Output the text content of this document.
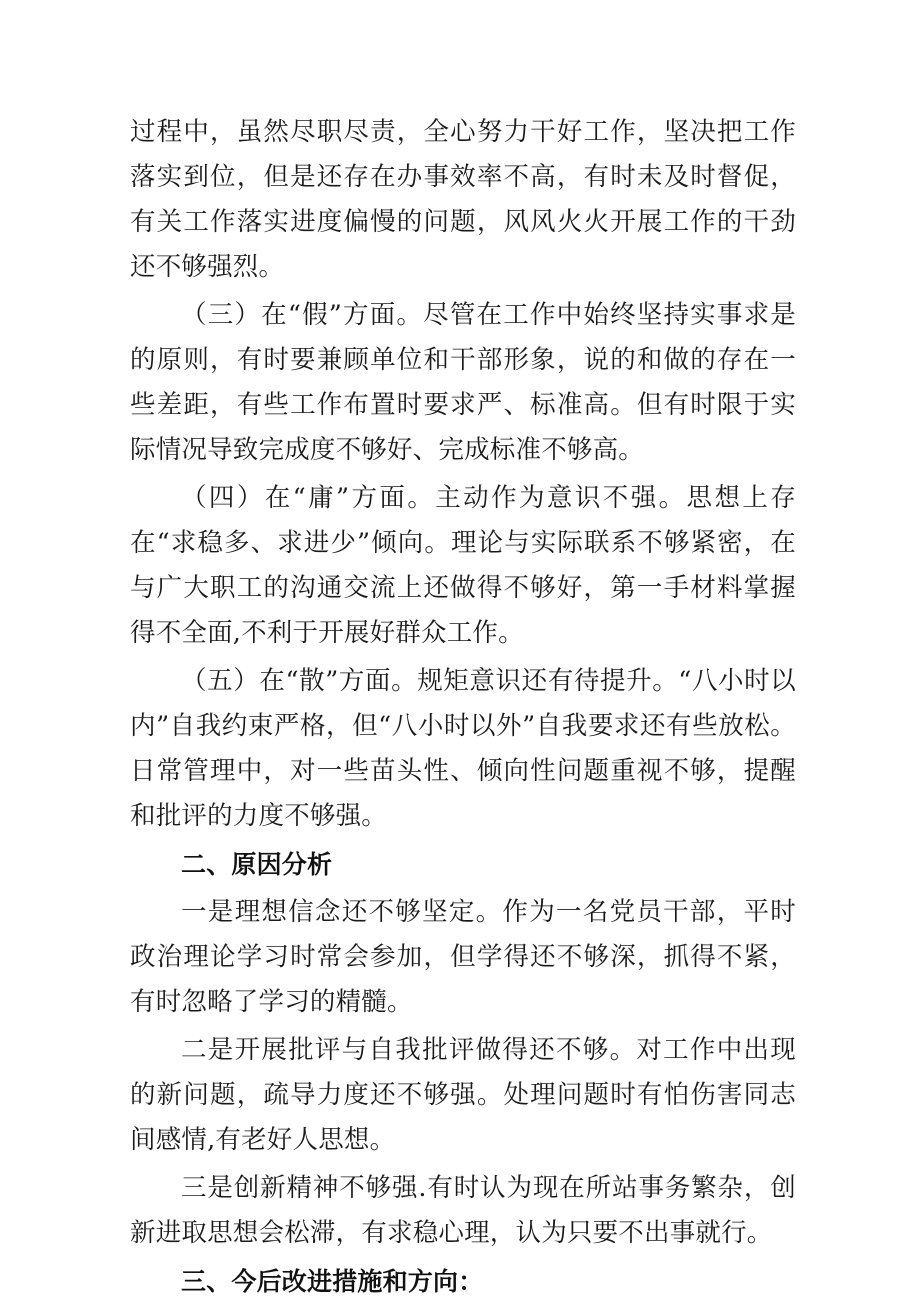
过程中，虽然尽职尽责，全心努力干好工作，坚决把工作落实到位，但是还存在办事效率不高，有时未及时督促，有关工作落实进度偏慢的问题，风风火火开展工作的干劲还不够强烈。

（三）在“假”方面。尽管在工作中始终坚持实事求是的原则，有时要兼顾单位和干部形象，说的和做的存在一些差距，有些工作布置时要求严、标准高。但有时限于实际情况导致完成度不够好、完成标准不够高。

（四）在“庸”方面。主动作为意识不强。思想上存在“求稳多、求进少”倾向。理论与实际联系不够紧密，在与广大职工的沟通交流上还做得不够好，第一手材料掌握得不全面,不利于开展好群众工作。

（五）在“散”方面。规矩意识还有待提升。“八小时以内”自我约束严格，但“八小时以外”自我要求还有些放松。日常管理中，对一些苗头性、倾向性问题重视不够，提醒和批评的力度不够强。

二、原因分析

一是理想信念还不够坚定。作为一名党员干部，平时政治理论学习时常会参加，但学得还不够深，抓得不紧，有时忽略了学习的精髓。

二是开展批评与自我批评做得还不够。对工作中出现的新问题，疏导力度还不够强。处理问题时有怕伤害同志间感情,有老好人思想。

三是创新精神不够强.有时认为现在所站事务繁杂，创新进取思想会松滞，有求稳心理，认为只要不出事就行。

三、今后改进措施和方向：
